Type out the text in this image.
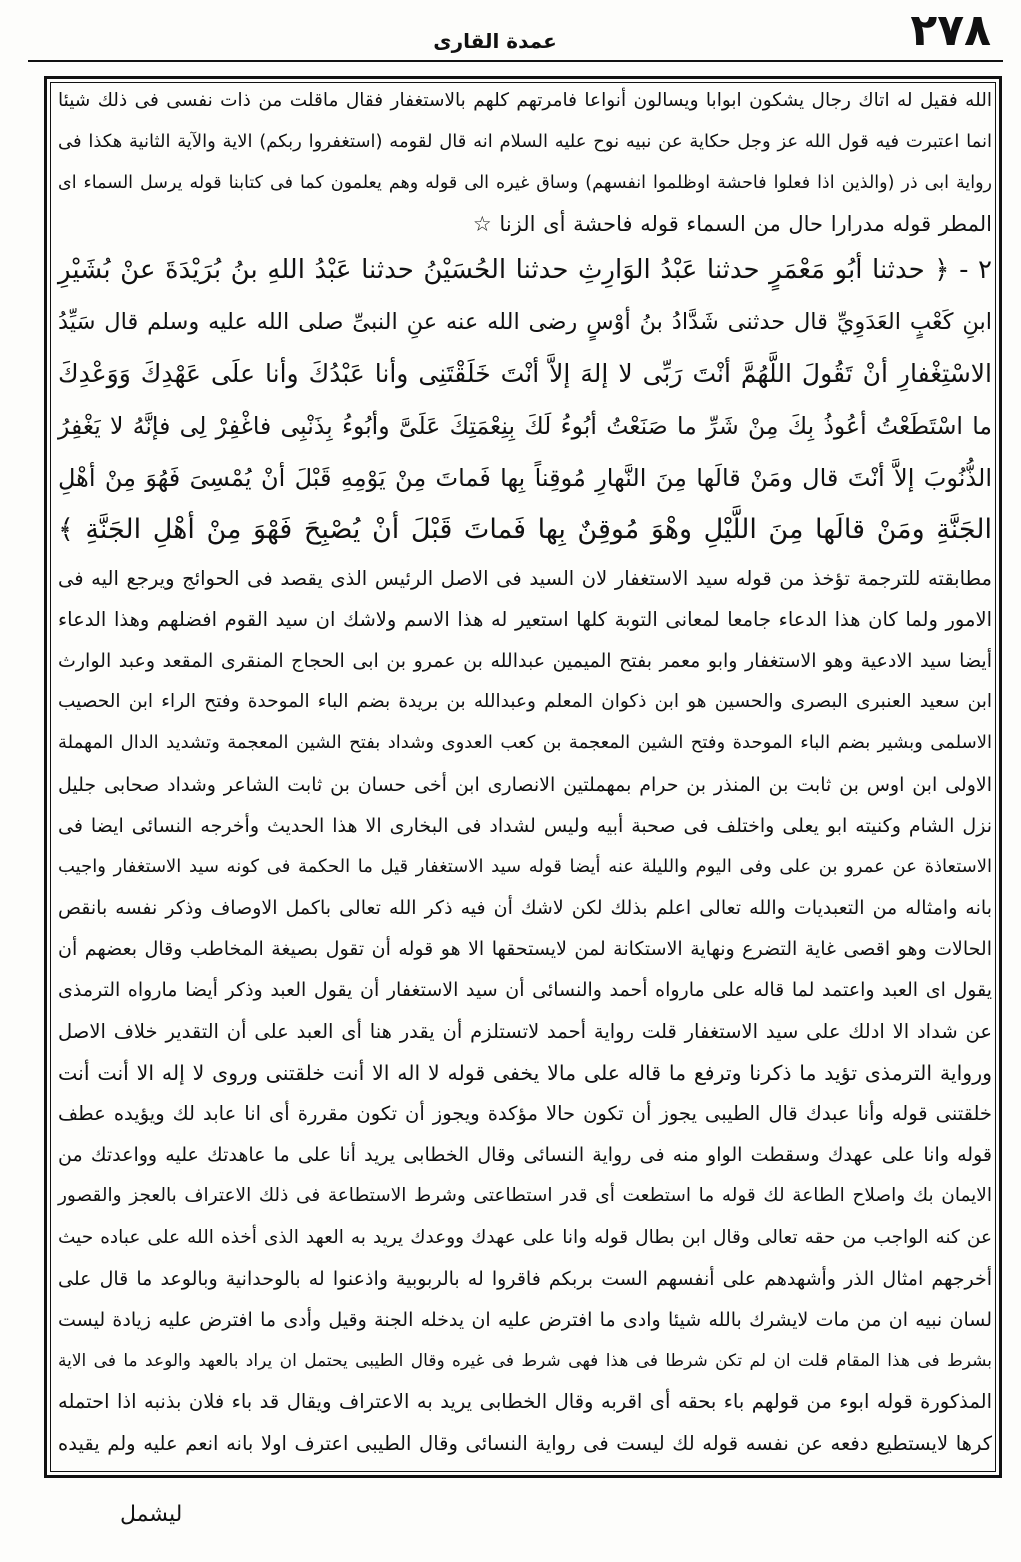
۲۷۸
عمدة القارى
الله فقيل له اتاك رجال يشكون ابوابا ويسالون أنواعا فامرتهم كلهم بالاستغفار فقال ماقلت من ذات نفسى فى ذلك شيئا
انما اعتبرت فيه قول الله عز وجل حكاية عن نبيه نوح عليه السلام انه قال لقومه (استغفروا ربكم) الاية والآية الثانية هكذا فى
رواية ابى ذر (والذين اذا فعلوا فاحشة اوظلموا انفسهم) وساق غيره الى قوله وهم يعلمون كما فى كتابنا قوله يرسل السماء اى
المطر قوله مدرارا حال من السماء قوله فاحشة أى الزنا ☆
۲ - ﴿ حدثنا أبُو مَعْمَرٍ حدثنا عَبْدُ الوَارِثِ حدثنا الحُسَيْنُ حدثنا عَبْدُ اللهِ بنُ بُرَيْدَةَ عنْ بُشَيْرِ
ابنِ كَعْبٍ العَدَوِيِّ قال حدثنى شَدَّادُ بنُ أوْسٍ رضى الله عنه عنِ النبىِّ صلى الله عليه وسلم قال سَيِّدُ
الاسْتِغْفارِ أنْ تَقُولَ اللَّهُمَّ أنْتَ رَبِّى لا إلهَ إلاَّ أنْتَ خَلَقْتَنِى وأنا عَبْدُكَ وأنا علَى عَهْدِكَ وَوَعْدِكَ
ما اسْتَطَعْتُ أعُوذُ بِكَ مِنْ شَرِّ ما صَنَعْتُ أبُوءُ لَكَ بِنِعْمَتِكَ عَلَىَّ وأبُوءُ بِذَنْبِى فاغْفِرْ لِى فإنَّهُ لا يَغْفِرُ
الذُّنُوبَ إلاَّ أنْتَ قال ومَنْ قالَها مِنَ النَّهارِ مُوقِناً بِها فَماتَ مِنْ يَوْمِهِ قَبْلَ أنْ يُمْسِىَ فَهُوَ مِنْ أهْلِ
الجَنَّةِ ومَنْ قالَها مِنَ اللَّيْلِ وهْوَ مُوقِنٌ بِها فَماتَ قَبْلَ أنْ يُصْبِحَ فَهْوَ مِنْ أهْلِ الجَنَّةِ ﴾
مطابقته للترجمة تؤخذ من قوله سيد الاستغفار لان السيد فى الاصل الرئيس الذى يقصد فى الحوائج ويرجع اليه فى
الامور ولما كان هذا الدعاء جامعا لمعانى التوبة كلها استعير له هذا الاسم ولاشك ان سيد القوم افضلهم وهذا الدعاء
أيضا سيد الادعية وهو الاستغفار وابو معمر بفتح الميمين عبدالله بن عمرو بن ابى الحجاج المنقرى المقعد وعبد الوارث
ابن سعيد العنبرى البصرى والحسين هو ابن ذكوان المعلم وعبدالله بن بريدة بضم الباء الموحدة وفتح الراء ابن الحصيب
الاسلمى وبشير بضم الباء الموحدة وفتح الشين المعجمة بن كعب العدوى وشداد بفتح الشين المعجمة وتشديد الدال المهملة
الاولى ابن اوس بن ثابت بن المنذر بن حرام بمهملتين الانصارى ابن أخى حسان بن ثابت الشاعر وشداد صحابى جليل
نزل الشام وكنيته ابو يعلى واختلف فى صحبة أبيه وليس لشداد فى البخارى الا هذا الحديث وأخرجه النسائى ايضا فى
الاستعاذة عن عمرو بن على وفى اليوم والليلة عنه أيضا قوله سيد الاستغفار قيل ما الحكمة فى كونه سيد الاستغفار واجيب
بانه وامثاله من التعبديات والله تعالى اعلم بذلك لكن لاشك أن فيه ذكر الله تعالى باكمل الاوصاف وذكر نفسه بانقص
الحالات وهو اقصى غاية التضرع ونهاية الاستكانة لمن لايستحقها الا هو قوله أن تقول بصيغة المخاطب وقال بعضهم أن
يقول اى العبد واعتمد لما قاله على مارواه أحمد والنسائى أن سيد الاستغفار أن يقول العبد وذكر أيضا مارواه الترمذى
عن شداد الا ادلك على سيد الاستغفار قلت رواية أحمد لاتستلزم أن يقدر هنا أى العبد على أن التقدير خلاف الاصل
ورواية الترمذى تؤيد ما ذكرنا وترفع ما قاله على مالا يخفى قوله لا اله الا أنت خلقتنى وروى لا إله الا أنت أنت
خلقتنى قوله وأنا عبدك قال الطيبى يجوز أن تكون حالا مؤكدة ويجوز أن تكون مقررة أى انا عابد لك ويؤيده عطف
قوله وانا على عهدك وسقطت الواو منه فى رواية النسائى وقال الخطابى يريد أنا على ما عاهدتك عليه وواعدتك من
الايمان بك واصلاح الطاعة لك قوله ما استطعت أى قدر استطاعتى وشرط الاستطاعة فى ذلك الاعتراف بالعجز والقصور
عن كنه الواجب من حقه تعالى وقال ابن بطال قوله وانا على عهدك ووعدك يريد به العهد الذى أخذه الله على عباده حيث
أخرجهم امثال الذر وأشهدهم على أنفسهم الست بربكم فاقروا له بالربوبية واذعنوا له بالوحدانية وبالوعد ما قال على
لسان نبيه ان من مات لايشرك بالله شيئا وادى ما افترض عليه ان يدخله الجنة وقيل وأدى ما افترض عليه زيادة ليست
بشرط فى هذا المقام قلت ان لم تكن شرطا فى هذا فهى شرط فى غيره وقال الطيبى يحتمل ان يراد بالعهد والوعد ما فى الاية
المذكورة قوله ابوء من قولهم باء بحقه أى اقربه وقال الخطابى يريد به الاعتراف ويقال قد باء فلان بذنبه اذا احتمله
كرها لايستطيع دفعه عن نفسه قوله لك ليست فى رواية النسائى وقال الطيبى اعترف اولا بانه انعم عليه ولم يقيده
ليشمل
